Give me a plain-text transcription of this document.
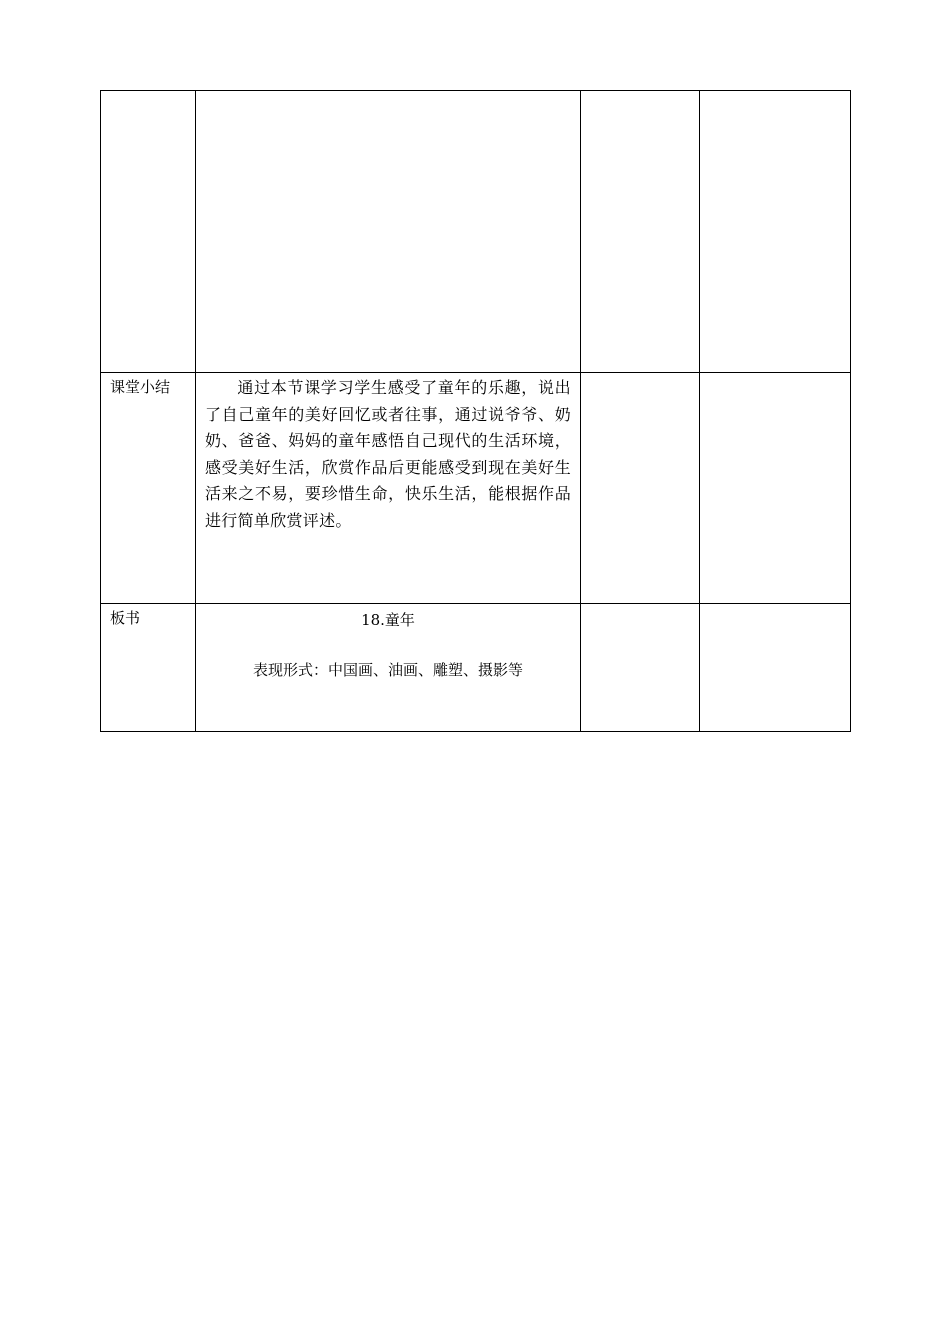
课堂小结	通过本节课学习学生感受了童年的乐趣，说出了自己童年的美好回忆或者往事，通过说爷爷、奶奶、爸爸、妈妈的童年感悟自己现代的生活环境，感受美好生活，欣赏作品后更能感受到现在美好生活来之不易，要珍惜生命，快乐生活，能根据作品进行简单欣赏评述。		

板书	18.童年
表现形式：中国画、油画、雕塑、摄影等		
